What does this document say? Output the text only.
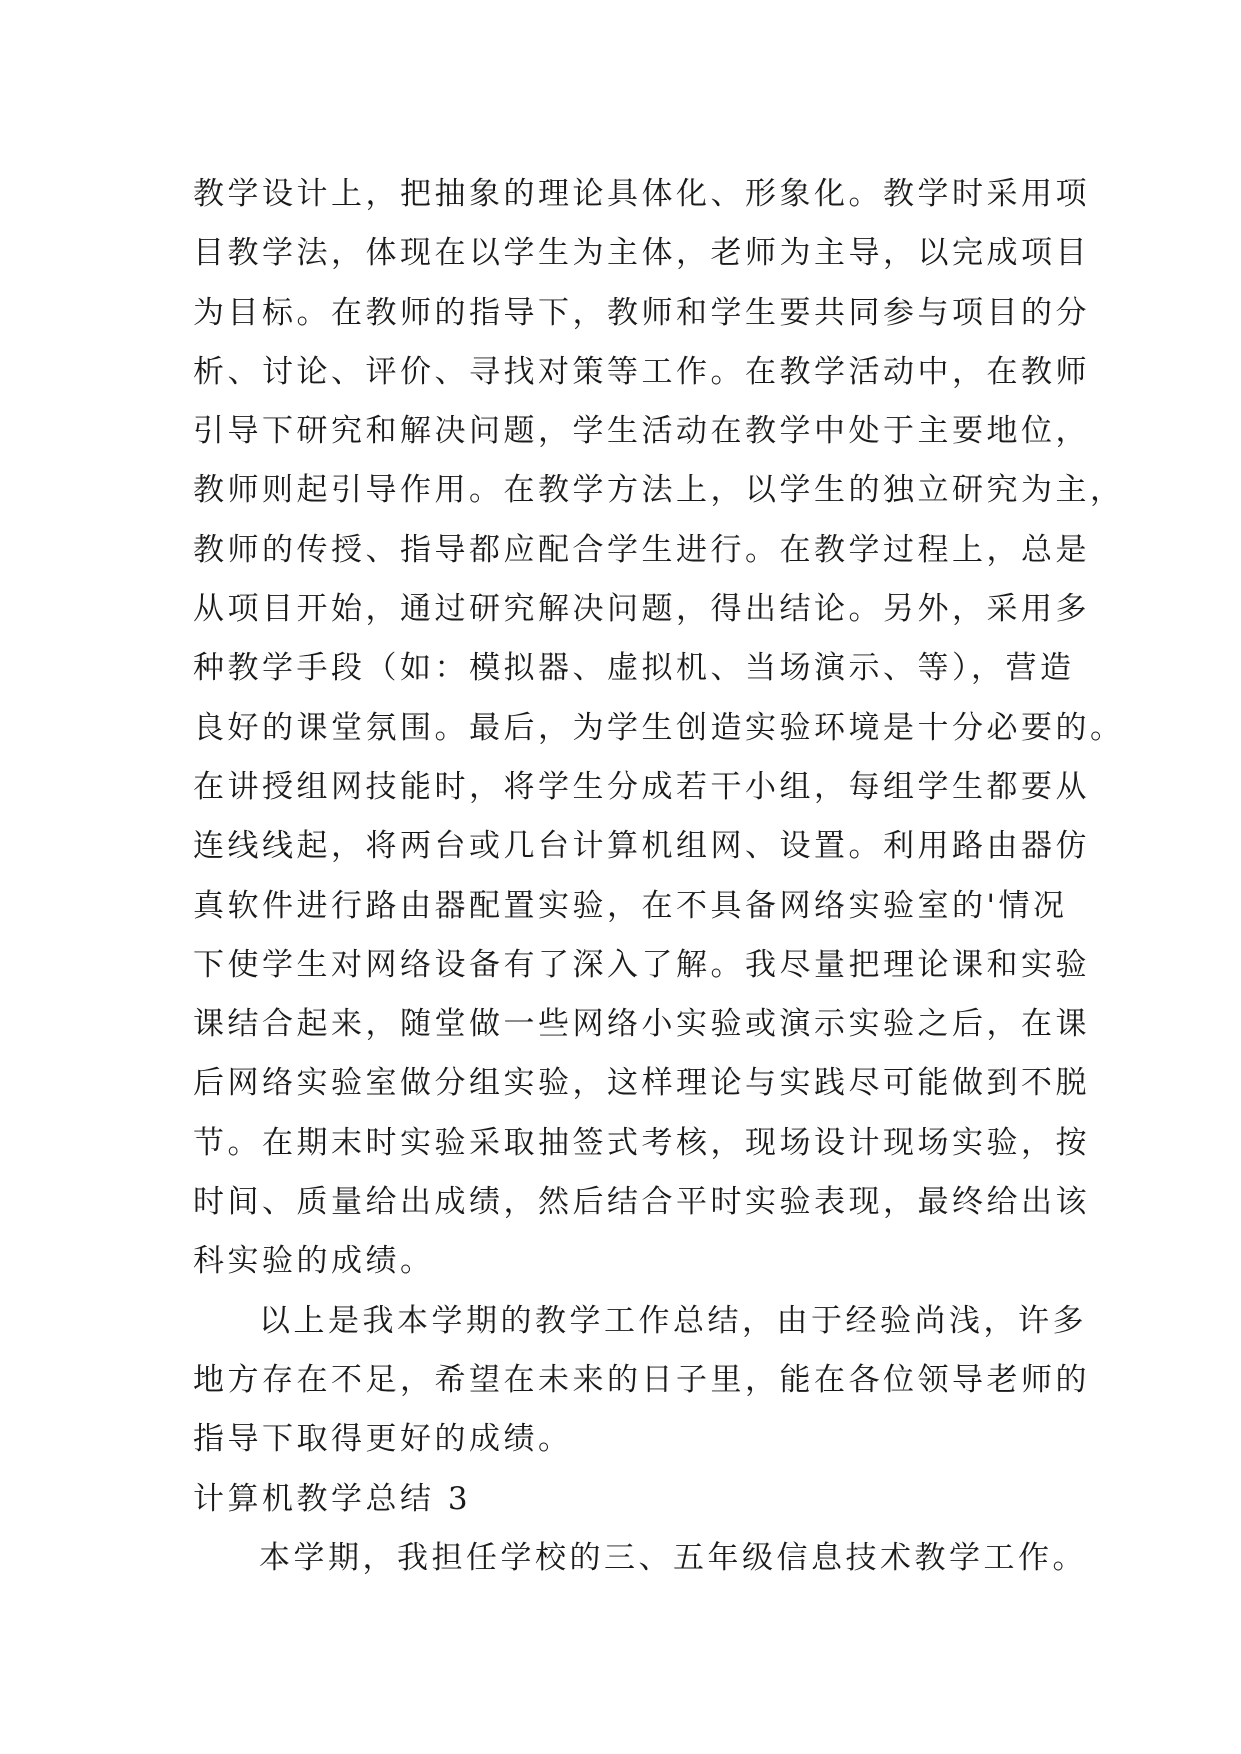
教学设计上，把抽象的理论具体化、形象化。教学时采用项
目教学法，体现在以学生为主体，老师为主导，以完成项目
为目标。在教师的指导下，教师和学生要共同参与项目的分
析、讨论、评价、寻找对策等工作。在教学活动中，在教师
引导下研究和解决问题，学生活动在教学中处于主要地位，
教师则起引导作用。在教学方法上，以学生的独立研究为主，
教师的传授、指导都应配合学生进行。在教学过程上，总是
从项目开始，通过研究解决问题，得出结论。另外，采用多
种教学手段（如：模拟器、虚拟机、当场演示、等），营造
良好的课堂氛围。最后，为学生创造实验环境是十分必要的。
在讲授组网技能时，将学生分成若干小组，每组学生都要从
连线线起，将两台或几台计算机组网、设置。利用路由器仿
真软件进行路由器配置实验，在不具备网络实验室的'情况
下使学生对网络设备有了深入了解。我尽量把理论课和实验
课结合起来，随堂做一些网络小实验或演示实验之后，在课
后网络实验室做分组实验，这样理论与实践尽可能做到不脱
节。在期末时实验采取抽签式考核，现场设计现场实验，按
时间、质量给出成绩，然后结合平时实验表现，最终给出该
科实验的成绩。
以上是我本学期的教学工作总结，由于经验尚浅，许多
地方存在不足，希望在未来的日子里，能在各位领导老师的
指导下取得更好的成绩。
计算机教学总结 3
本学期，我担任学校的三、五年级信息技术教学工作。
